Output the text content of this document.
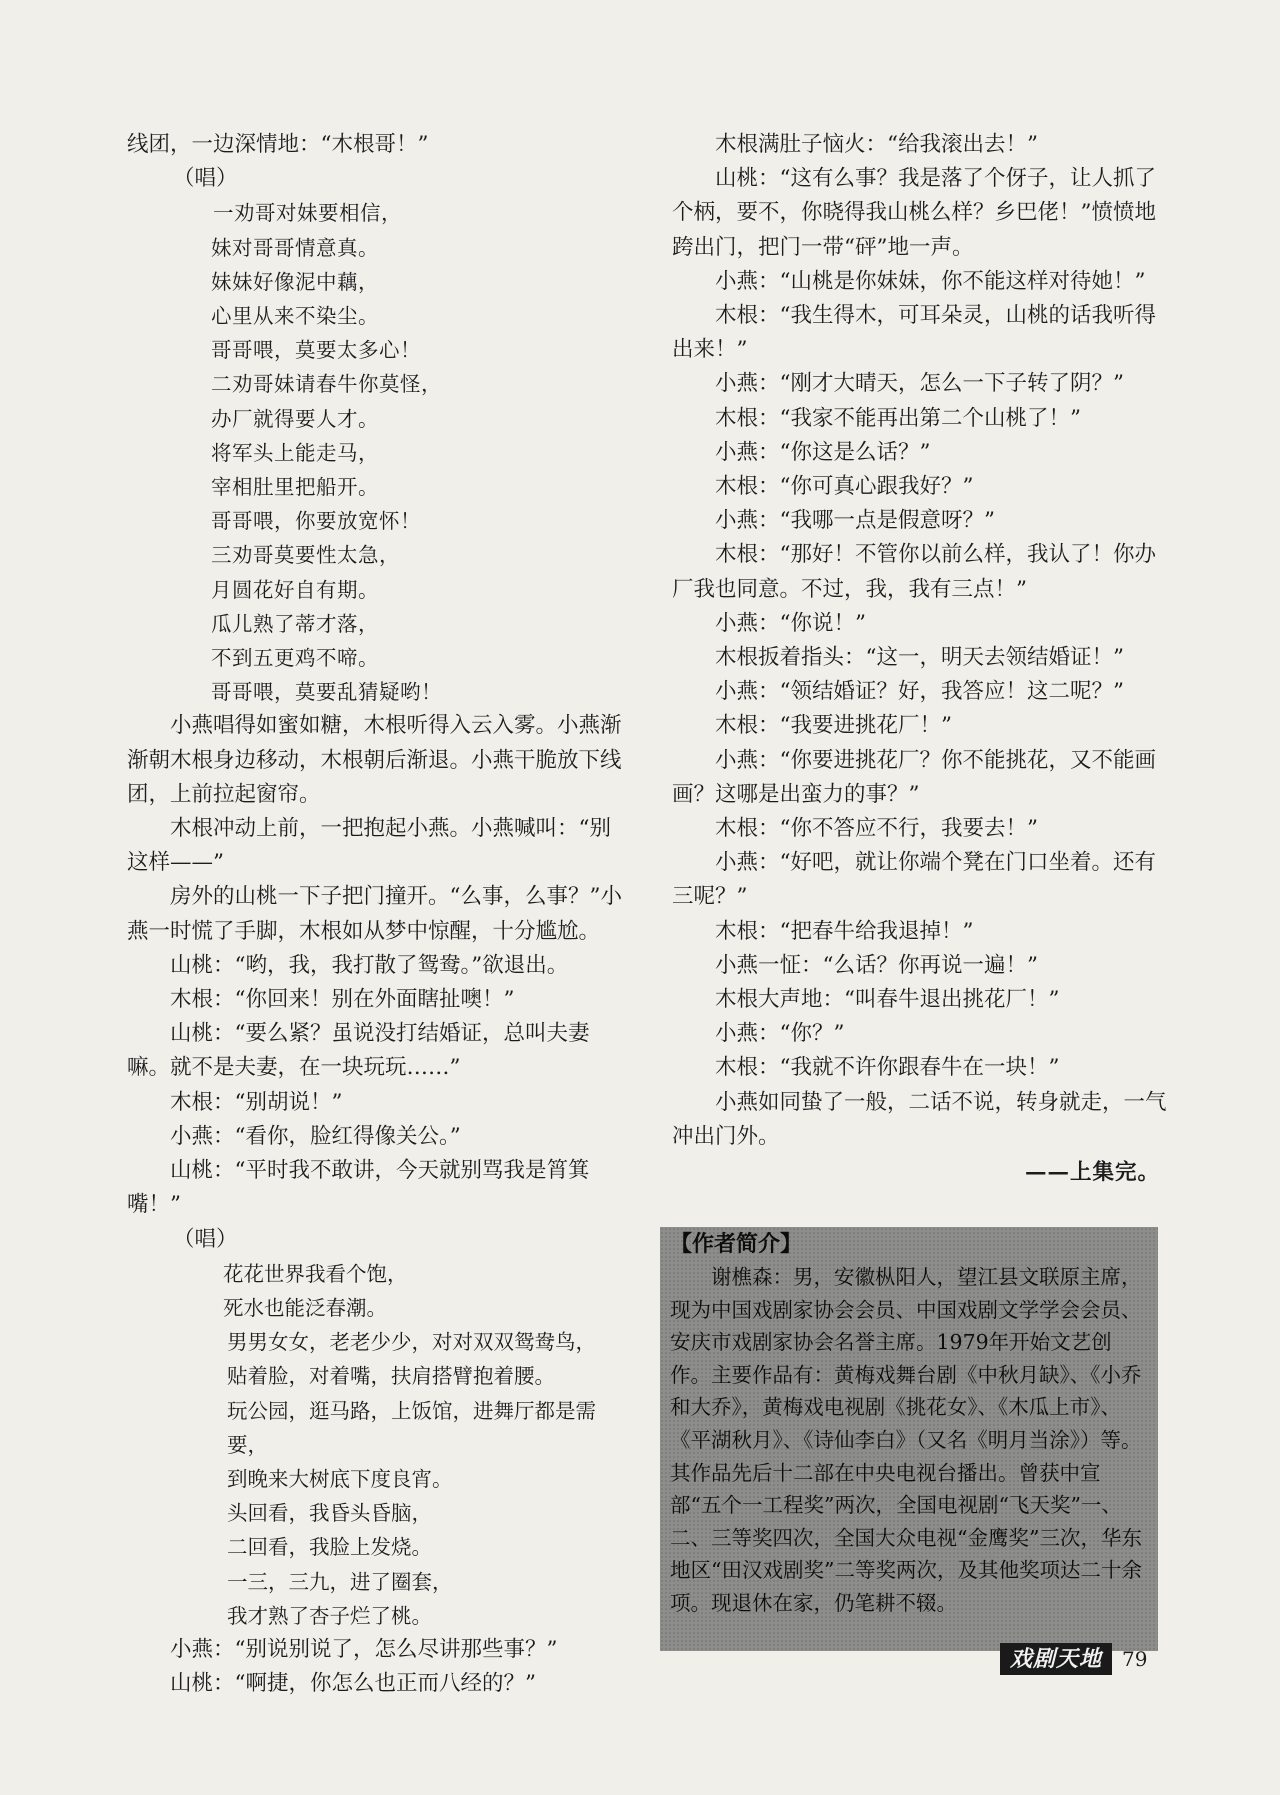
线团，一边深情地：“木根哥！”

（唱）

一劝哥对妹要相信，

妹对哥哥情意真。

妹妹好像泥中藕，

心里从来不染尘。

哥哥喂，莫要太多心！

二劝哥妹请春牛你莫怪，

办厂就得要人才。

将军头上能走马，

宰相肚里把船开。

哥哥喂，你要放宽怀！

三劝哥莫要性太急，

月圆花好自有期。

瓜儿熟了蒂才落，

不到五更鸡不啼。

哥哥喂，莫要乱猜疑哟！

小燕唱得如蜜如糖，木根听得入云入雾。小燕渐渐朝木根身边移动，木根朝后渐退。小燕干脆放下线团，上前拉起窗帘。

木根冲动上前，一把抱起小燕。小燕喊叫：“别这样——”

房外的山桃一下子把门撞开。“么事，么事？”小燕一时慌了手脚，木根如从梦中惊醒，十分尴尬。

山桃：“哟，我，我打散了鸳鸯。”欲退出。

木根：“你回来！别在外面瞎扯噢！”

山桃：“要么紧？虽说没打结婚证，总叫夫妻嘛。就不是夫妻，在一块玩玩……”

木根：“别胡说！”

小燕：“看你，脸红得像关公。”

山桃：“平时我不敢讲，今天就别骂我是筲箕嘴！”

（唱）

花花世界我看个饱，

死水也能泛春潮。

男男女女，老老少少，对对双双鸳鸯鸟，

贴着脸，对着嘴，扶肩搭臂抱着腰。

玩公园，逛马路，上饭馆，进舞厅都是需要，

到晚来大树底下度良宵。

头回看，我昏头昏脑，

二回看，我脸上发烧。

一三，三九，进了圈套，

我才熟了杏子烂了桃。

小燕：“别说别说了，怎么尽讲那些事？”

山桃：“啊捷，你怎么也正而八经的？”

木根满肚子恼火：“给我滚出去！”

山桃：“这有么事？我是落了个伢子，让人抓了个柄，要不，你晓得我山桃么样？乡巴佬！”愤愤地跨出门，把门一带“砰”地一声。

小燕：“山桃是你妹妹，你不能这样对待她！”

木根：“我生得木，可耳朵灵，山桃的话我听得出来！”

小燕：“刚才大晴天，怎么一下子转了阴？”

木根：“我家不能再出第二个山桃了！”

小燕：“你这是么话？”

木根：“你可真心跟我好？”

小燕：“我哪一点是假意呀？”

木根：“那好！不管你以前么样，我认了！你办厂我也同意。不过，我，我有三点！”

小燕：“你说！”

木根扳着指头：“这一，明天去领结婚证！”

小燕：“领结婚证？好，我答应！这二呢？”

木根：“我要进挑花厂！”

小燕：“你要进挑花厂？你不能挑花，又不能画画？这哪是出蛮力的事？”

木根：“你不答应不行，我要去！”

小燕：“好吧，就让你端个凳在门口坐着。还有三呢？”

木根：“把春牛给我退掉！”

小燕一怔：“么话？你再说一遍！”

木根大声地：“叫春牛退出挑花厂！”

小燕：“你？”

木根：“我就不许你跟春牛在一块！”

小燕如同蛰了一般，二话不说，转身就走，一气冲出门外。

——上集完。

【作者简介】

谢樵森：男，安徽枞阳人，望江县文联原主席，现为中国戏剧家协会会员、中国戏剧文学学会会员、安庆市戏剧家协会名誉主席。1979年开始文艺创作。主要作品有：黄梅戏舞台剧《中秋月缺》、《小乔和大乔》，黄梅戏电视剧《挑花女》、《木瓜上市》、《平湖秋月》、《诗仙李白》（又名《明月当涂》）等。其作品先后十二部在中央电视台播出。曾获中宣部“五个一工程奖”两次，全国电视剧“飞天奖”一、二、三等奖四次，全国大众电视“金鹰奖”三次，华东地区“田汉戏剧奖”二等奖两次，及其他奖项达二十余项。现退休在家，仍笔耕不辍。

戏剧天地	79
